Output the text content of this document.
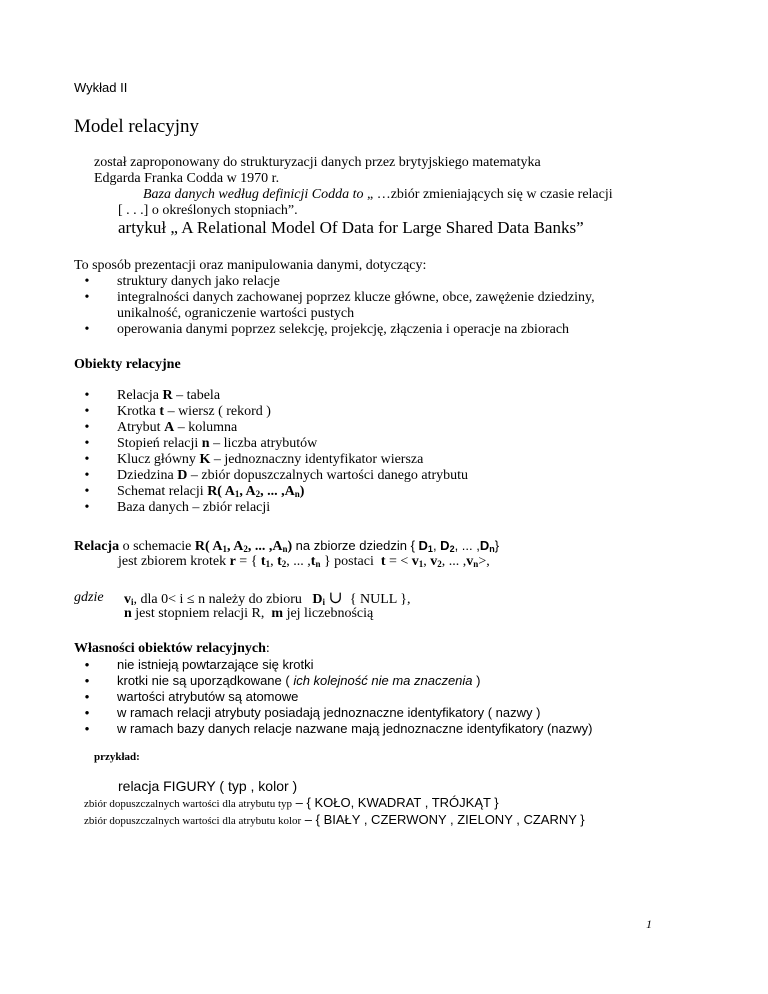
Wykład II
Model relacyjny
został zaproponowany do strukturyzacji danych przez brytyjskiego matematyka
Edgarda Franka Codda w 1970 r.
Baza danych według definicji Codda to „ …zbiór zmieniających się w czasie relacji
[ . . .] o określonych stopniach”.
artykuł „ A Relational Model Of Data for Large Shared Data Banks”
To sposób prezentacji oraz manipulowania danymi, dotyczący:
• struktury danych jako relacje
• integralności danych zachowanej poprzez klucze główne, obce, zawężenie dziedziny,
unikalność, ograniczenie wartości pustych
• operowania danymi poprzez selekcję, projekcję, złączenia i operacje na zbiorach
Obiekty relacyjne
• Relacja R – tabela
• Krotka t – wiersz ( rekord )
• Atrybut A – kolumna
• Stopień relacji n – liczba atrybutów
• Klucz główny K – jednoznaczny identyfikator wiersza
• Dziedzina D – zbiór dopuszczalnych wartości danego atrybutu
• Schemat relacji R( $A_1$, $A_2$, ... $,A_n$)
• Baza danych – zbiór relacji
Relacja o schemacie R( $A_1$, $A_2$, ... $,A_n$) na zbiorze dziedzin { $D_1$, $D_2$, ... $,D_n$}
jest zbiorem krotek r = { $t_1$, $t_2$, ... $,t_n$ } postaci  t = < $v_1$, $v_2$, ... $,v_n>$,
gdzie $v_i$, dla 0< i ≤ n należy do zbioru $D_i$ ∪ { NULL },
n jest stopniem relacji R, m jej liczebnością
Własności obiektów relacyjnych:
• nie istnieją powtarzające się krotki
• krotki nie są uporządkowane ( ich kolejność nie ma znaczenia )
• wartości atrybutów są atomowe
• w ramach relacji atrybuty posiadają jednoznaczne identyfikatory ( nazwy )
• w ramach bazy danych relacje nazwane mają jednoznaczne identyfikatory (nazwy)
przykład:
relacja FIGURY ( typ , kolor )
zbiór dopuszczalnych wartości dla atrybutu typ – { KOŁO, KWADRAT , TRÓJKĄT }
zbiór dopuszczalnych wartości dla atrybutu kolor – { BIAŁY , CZERWONY , ZIELONY , CZARNY }
1
